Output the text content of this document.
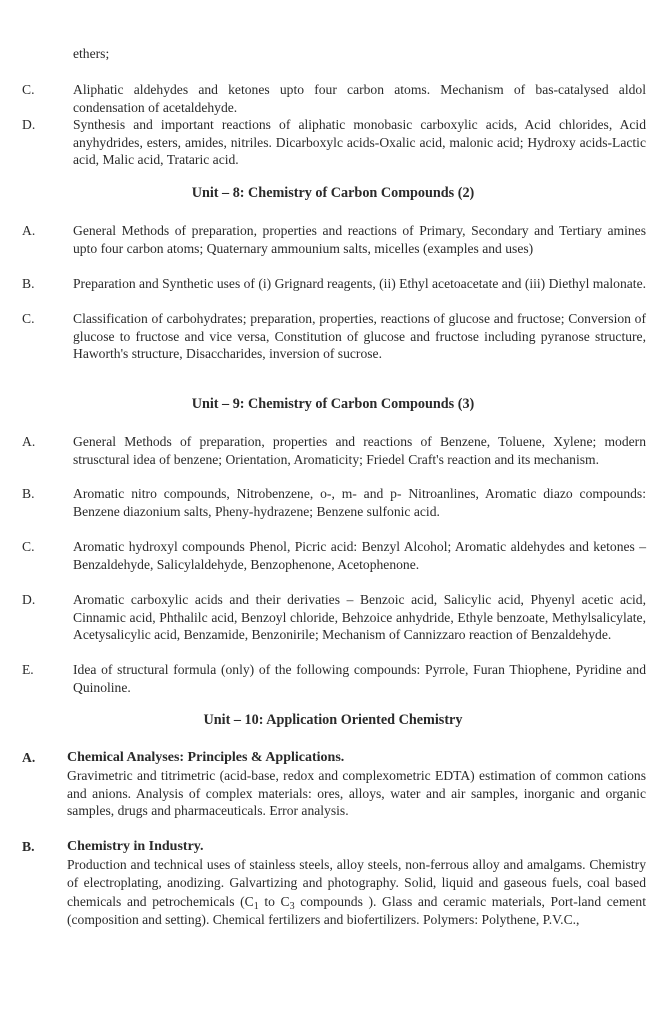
ethers;
C.	Aliphatic aldehydes and ketones upto four carbon atoms. Mechanism of bas-catalysed aldol condensation of acetaldehyde.
D.	Synthesis and important reactions of aliphatic monobasic carboxylic acids, Acid chlorides, Acid anyhydrides, esters, amides, nitriles. Dicarboxylc acids-Oxalic acid, malonic acid; Hydroxy acids-Lactic acid, Malic acid, Trataric acid.
Unit – 8: Chemistry of Carbon Compounds (2)
A.	General Methods of preparation, properties and reactions of Primary, Secondary and Tertiary amines upto four carbon atoms; Quaternary ammounium salts, micelles (examples and uses)
B.	Preparation and Synthetic uses of (i) Grignard reagents, (ii) Ethyl acetoacetate and (iii) Diethyl malonate.
C.	Classification of carbohydrates; preparation, properties, reactions of glucose and fructose; Conversion of glucose to fructose and vice versa, Constitution of glucose and fructose including pyranose structure, Haworth's structure, Disaccharides, inversion of sucrose.
Unit – 9: Chemistry of Carbon Compounds (3)
A.	General Methods of preparation, properties and reactions of Benzene, Toluene, Xylene; modern strusctural idea of benzene; Orientation, Aromaticity; Friedel Craft's reaction and its mechanism.
B.	Aromatic nitro compounds, Nitrobenzene, o-, m- and p- Nitroanlines, Aromatic diazo compounds: Benzene diazonium salts, Pheny-hydrazene; Benzene sulfonic acid.
C.	Aromatic hydroxyl compounds Phenol, Picric acid: Benzyl Alcohol; Aromatic aldehydes and ketones – Benzaldehyde, Salicylaldehyde, Benzophenone, Acetophenone.
D.	Aromatic carboxylic acids and their derivaties – Benzoic acid, Salicylic acid, Phyenyl acetic acid, Cinnamic acid, Phthalilc acid, Benzoyl chloride, Behzoice anhydride, Ethyle benzoate, Methylsalicylate, Acetysalicylic acid, Benzamide, Benzonirile; Mechanism of Cannizzaro reaction of Benzaldehyde.
E.	Idea of structural formula (only) of the following compounds: Pyrrole, Furan Thiophene, Pyridine and Quinoline.
Unit – 10: Application Oriented Chemistry
A. Chemical Analyses: Principles & Applications.
Gravimetric and titrimetric (acid-base, redox and complexometric EDTA) estimation of common cations and anions. Analysis of complex materials: ores, alloys, water and air samples, inorganic and organic samples, drugs and pharmaceuticals. Error analysis.
B. Chemistry in Industry.
Production and technical uses of stainless steels, alloy steels, non-ferrous alloy and amalgams. Chemistry of electroplating, anodizing. Galvartizing and photography. Solid, liquid and gaseous fuels, coal based chemicals and petrochemicals ($C_1$ to $C_3$ compounds ). Glass and ceramic materials, Port-land cement (composition and setting). Chemical fertilizers and biofertilizers. Polymers: Polythene, P.V.C.,
